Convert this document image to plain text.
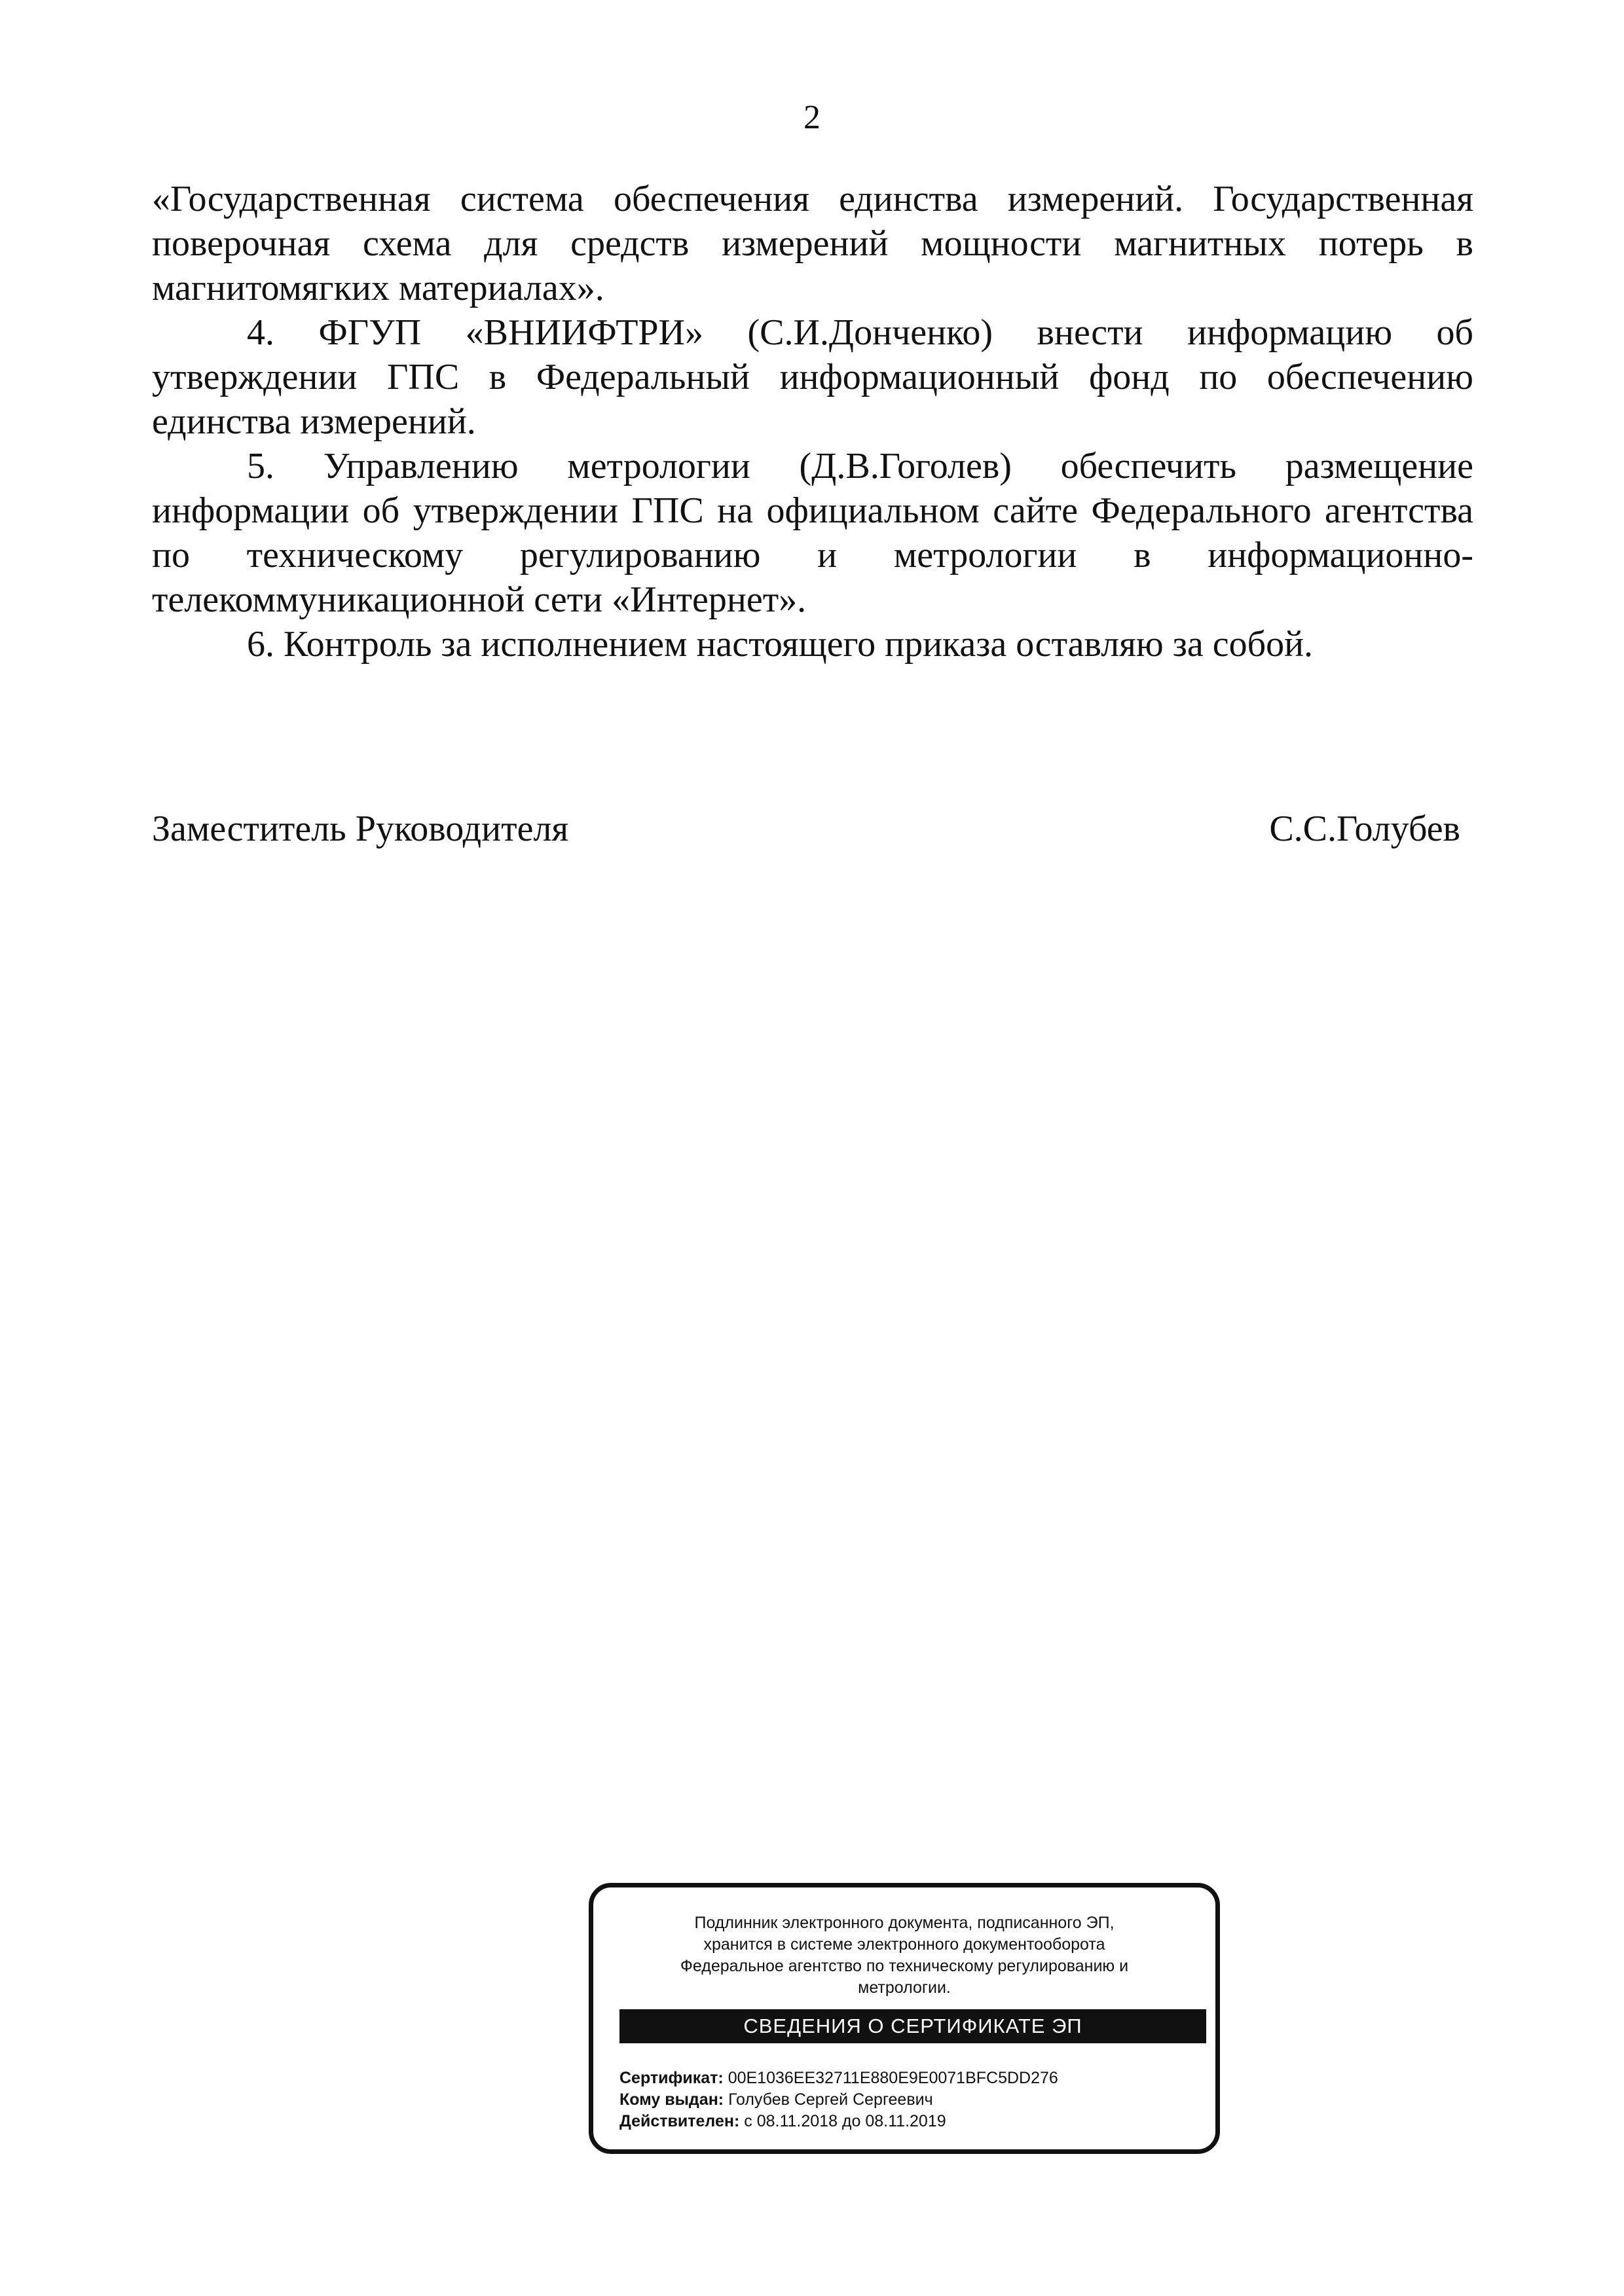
2

«Государственная система обеспечения единства измерений. Государственная поверочная схема для средств измерений мощности магнитных потерь в магнитомягких материалах».

4. ФГУП «ВНИИФТРИ» (С.И.Донченко) внести информацию об утверждении ГПС в Федеральный информационный фонд по обеспечению единства измерений.

5. Управлению метрологии (Д.В.Гоголев) обеспечить размещение информации об утверждении ГПС на официальном сайте Федерального агентства по техническому регулированию и метрологии в информационно-телекоммуникационной сети «Интернет».

6. Контроль за исполнением настоящего приказа оставляю за собой.

Заместитель Руководителя	С.С.Голубев
Подлинник электронного документа, подписанного ЭП,
хранится в системе электронного документооборота
Федеральное агентство по техническому регулированию и
метрологии.
СВЕДЕНИЯ О СЕРТИФИКАТЕ ЭП
Сертификат: 00E1036EE32711E880E9E0071BFC5DD276
Кому выдан: Голубев Сергей Сергеевич
Действителен: с 08.11.2018 до 08.11.2019
